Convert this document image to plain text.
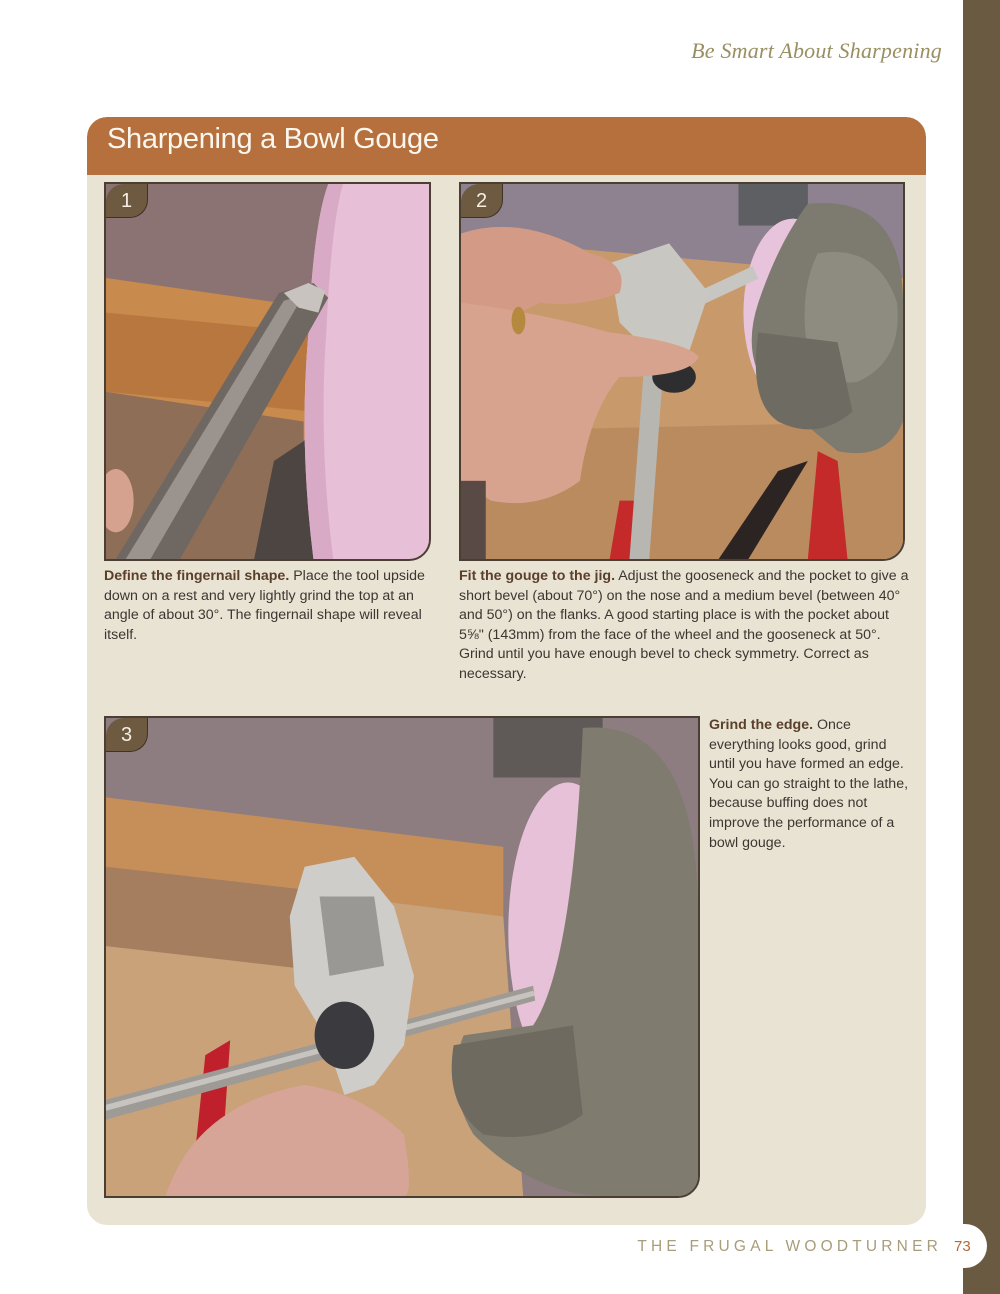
Be Smart About Sharpening
Sharpening a Bowl Gouge
1	2
3

Define the fingernail shape. Place the tool upside down on a rest and very lightly grind the top at an angle of about 30°. The fingernail shape will reveal itself.

Fit the gouge to the jig. Adjust the gooseneck and the pocket to give a short bevel (about 70°) on the nose and a medium bevel (between 40° and 50°) on the flanks. A good starting place is with the pocket about 5⅝" (143mm) from the face of the wheel and the gooseneck at 50°. Grind until you have enough bevel to check symmetry. Correct as necessary.

Grind the edge. Once everything looks good, grind until you have formed an edge. You can go straight to the lathe, because buffing does not improve the performance of a bowl gouge.

THE FRUGAL WOODTURNER 73
